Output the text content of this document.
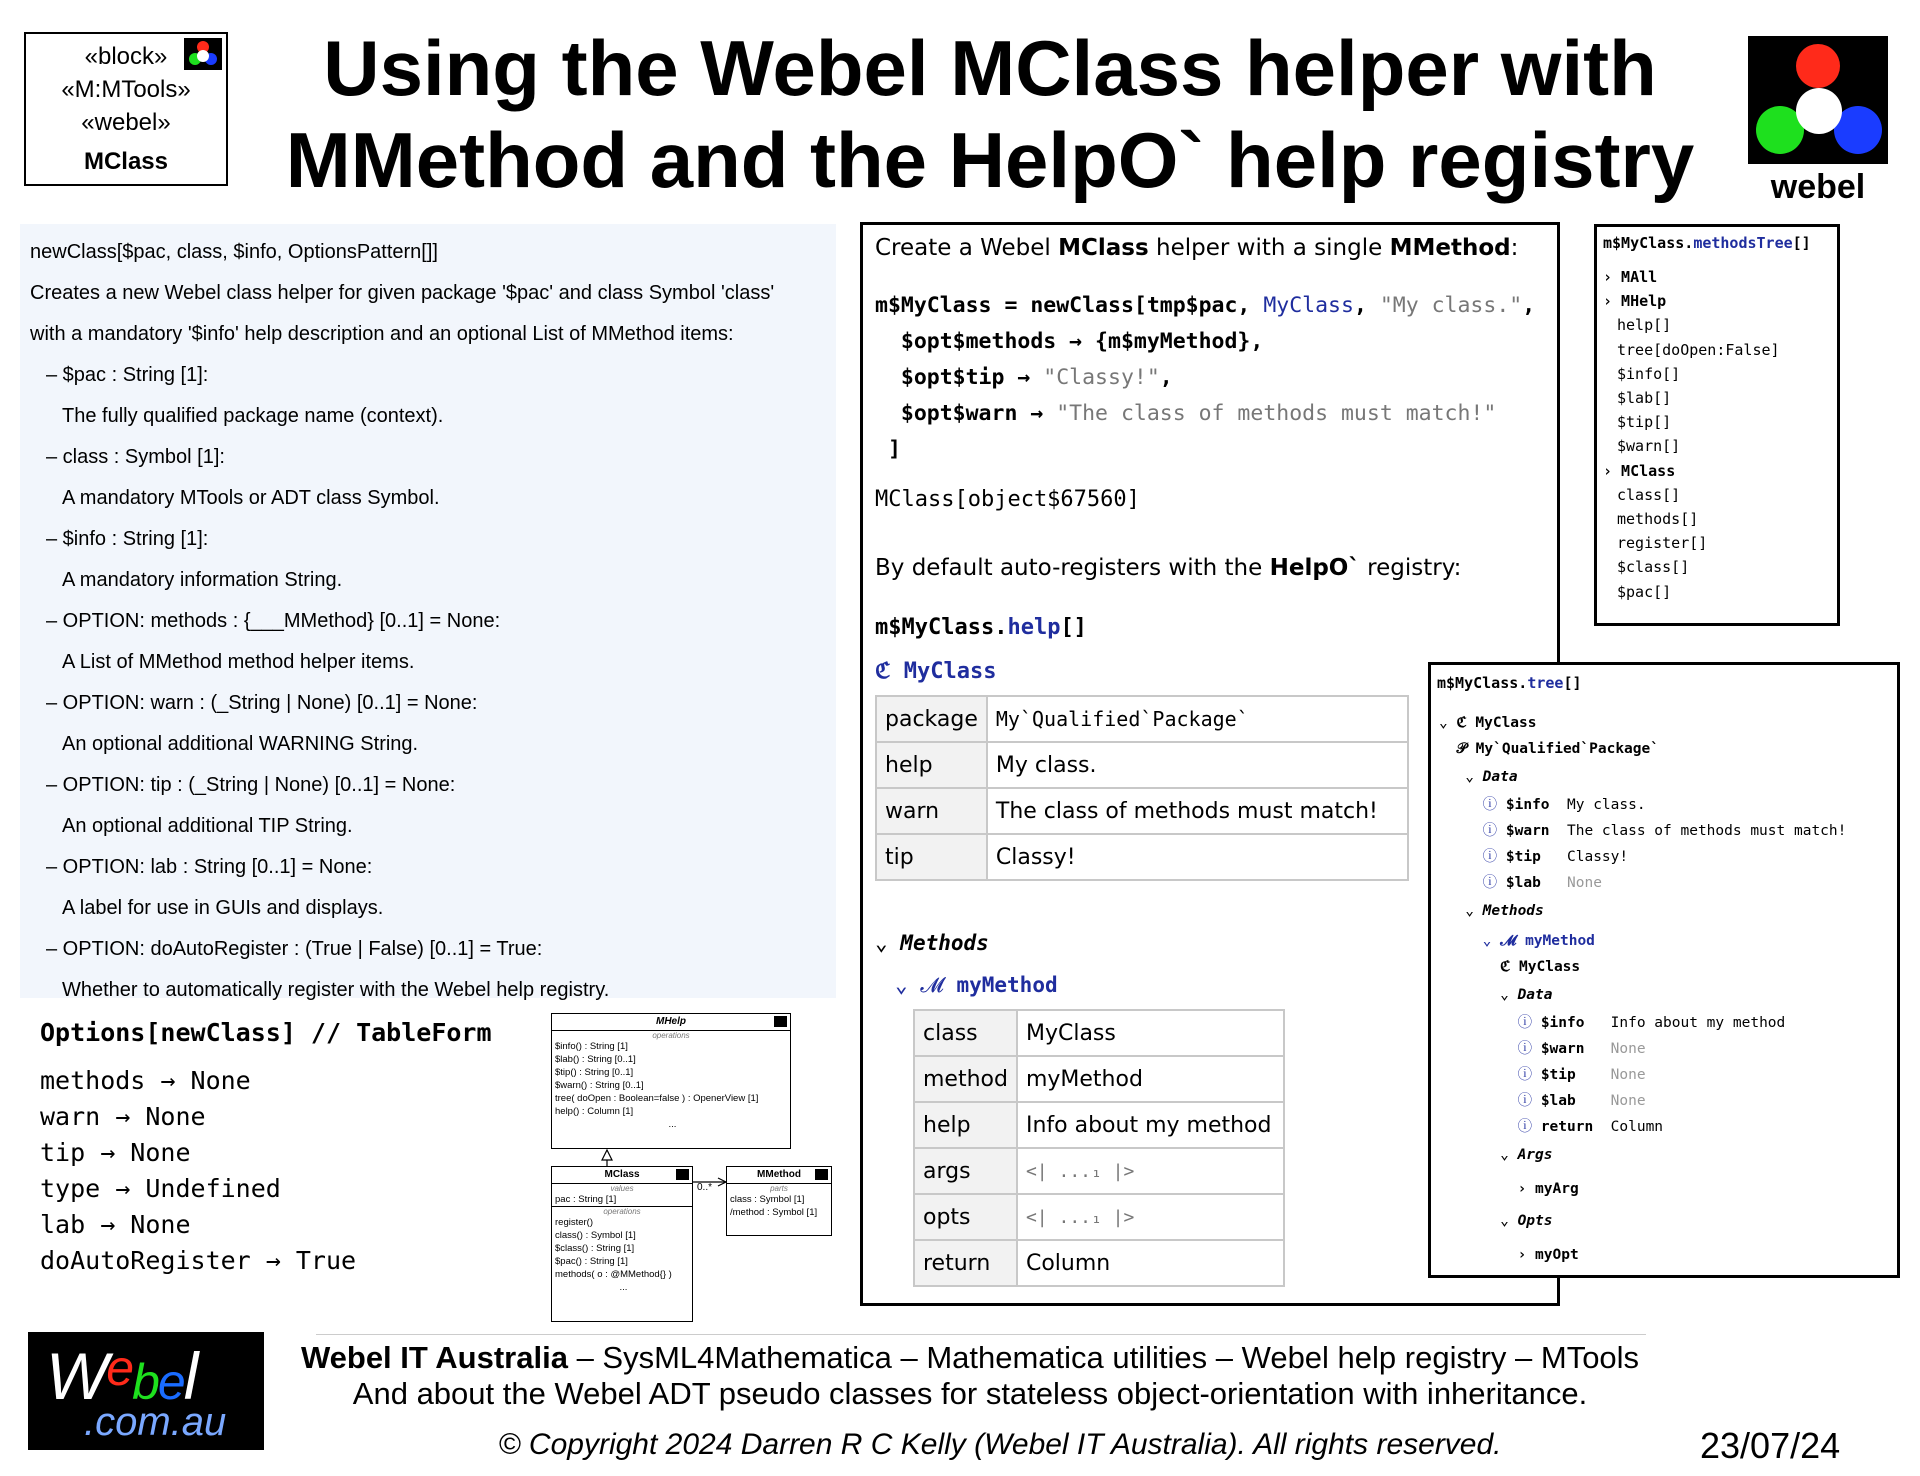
«block»
«M:MTools»
«webel»
MClass
Using the Webel MClass helper with
MMethod and the HelpO` help registry	webel
newClass[$pac, class, $info, OptionsPattern[]]
Creates a new Webel class helper for given package '$pac' and class Symbol 'class'
with a mandatory '$info' help description and an optional List of MMethod items:
– $pac : String [1]:
The fully qualified package name (context).
– class : Symbol [1]:
A mandatory MTools or ADT class Symbol.
– $info : String [1]:
A mandatory information String.
– OPTION: methods : {___MMethod} [0..1] = None:
A List of MMethod method helper items.
– OPTION: warn : (_String | None) [0..1] = None:
An optional additional WARNING String.
– OPTION: tip : (_String | None) [0..1] = None:
An optional additional TIP String.
– OPTION: lab : String [0..1] = None:
A label for use in GUIs and displays.
– OPTION: doAutoRegister : (True | False) [0..1] = True:
Whether to automatically register with the Webel help registry.
Options[newClass] // TableForm
methods → None
warn → None
tip → None
type → Undefined
lab → None
doAutoRegister → True
MHelp
operations
$info() : String [1]
$lab() : String [0..1]
$tip() : String [0..1]
$warn() : String [0..1]
tree( doOpen : Boolean=false ) : OpenerView [1]
help() : Column [1]
...
MClass
values
pac : String [1]
operations
register()
class() : Symbol [1]
$class() : String [1]
$pac() : String [1]
methods( o : @MMethod{} )
...
0..*
MMethod
parts
class : Symbol [1]
/method : Symbol [1]
Create a Webel MClass helper with a single MMethod:
m$MyClass = newClass[tmp$pac, MyClass, "My class.",
$opt$methods → {m$myMethod},
$opt$tip → "Classy!",
$opt$warn → "The class of methods must match!"
]
MClass[object$67560]
By default auto-registers with the HelpO` registry:
m$MyClass.help[]
ℭ MyClass
package	My`Qualified`Package`
help	My class.
warn	The class of methods must match!
tip	Classy!
⌄ Methods
⌄ 𝓜 myMethod
class	MyClass
method	myMethod
help	Info about my method
args	<| ...₁ |>
opts	<| ...₁ |>
return	Column
m$MyClass.methodsTree[]
› MAll
› MHelp
help[]
tree[doOpen:False]
$info[]
$lab[]
$tip[]
$warn[]
› MClass
class[]
methods[]
register[]
$class[]
$pac[]
m$MyClass.tree[]
⌄ ℭ MyClass
𝒫 My`Qualified`Package`
⌄ Data
ⓘ $info  My class.
ⓘ $warn  The class of methods must match!
ⓘ $tip   Classy!
ⓘ $lab   None
⌄ Methods
⌄ 𝓜 myMethod
ℭ MyClass
⌄ Data
ⓘ $info   Info about my method
ⓘ $warn   None
ⓘ $tip    None
ⓘ $lab    None
ⓘ return  Column
⌄ Args
› myArg
⌄ Opts
› myOpt
$W^ebel$
.com.au
Webel IT Australia – SysML4Mathematica – Mathematica utilities – Webel help registry – MTools
And about the Webel ADT pseudo classes for stateless object-orientation with inheritance.
© Copyright 2024 Darren R C Kelly (Webel IT Australia). All rights reserved.	23/07/24
